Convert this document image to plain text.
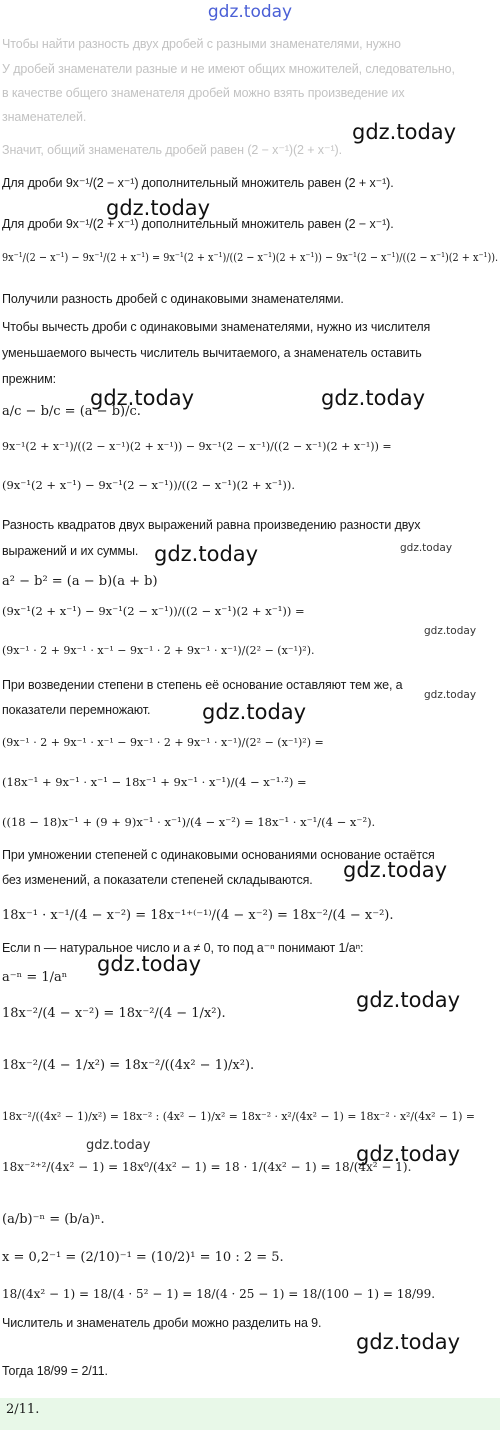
gdz.today
Чтобы найти разность двух дробей с разными знаменателями, нужно
У дробей знаменатели разные и не имеют общих множителей, следовательно,
в качестве общего знаменателя дробей можно взять произведение их
знаменателей.
Значит, общий знаменатель дробей равен (2 − x⁻¹)(2 + x⁻¹).
Для дроби 9x⁻¹/(2 − x⁻¹) дополнительный множитель равен (2 + x⁻¹).
Для дроби 9x⁻¹/(2 + x⁻¹) дополнительный множитель равен (2 − x⁻¹).
9x⁻¹/(2 − x⁻¹) − 9x⁻¹/(2 + x⁻¹) = 9x⁻¹(2 + x⁻¹)/((2 − x⁻¹)(2 + x⁻¹)) − 9x⁻¹(2 − x⁻¹)/((2 − x⁻¹)(2 + x⁻¹)).
Получили разность дробей с одинаковыми знаменателями.
Чтобы вычесть дроби с одинаковыми знаменателями, нужно из числителя
уменьшаемого вычесть числитель вычитаемого, а знаменатель оставить
прежним:
a/c − b/c = (a − b)/c.
9x⁻¹(2 + x⁻¹)/((2 − x⁻¹)(2 + x⁻¹)) − 9x⁻¹(2 − x⁻¹)/((2 − x⁻¹)(2 + x⁻¹)) =
(9x⁻¹(2 + x⁻¹) − 9x⁻¹(2 − x⁻¹))/((2 − x⁻¹)(2 + x⁻¹)).
Разность квадратов двух выражений равна произведению разности двух
выражений и их суммы.
a² − b² = (a − b)(a + b)
(9x⁻¹(2 + x⁻¹) − 9x⁻¹(2 − x⁻¹))/((2 − x⁻¹)(2 + x⁻¹)) =
(9x⁻¹ · 2 + 9x⁻¹ · x⁻¹ − 9x⁻¹ · 2 + 9x⁻¹ · x⁻¹)/(2² − (x⁻¹)²).
При возведении степени в степень её основание оставляют тем же, а
показатели перемножают.
(9x⁻¹ · 2 + 9x⁻¹ · x⁻¹ − 9x⁻¹ · 2 + 9x⁻¹ · x⁻¹)/(2² − (x⁻¹)²) =
(18x⁻¹ + 9x⁻¹ · x⁻¹ − 18x⁻¹ + 9x⁻¹ · x⁻¹)/(4 − x⁻¹ˑ²) =
((18 − 18)x⁻¹ + (9 + 9)x⁻¹ · x⁻¹)/(4 − x⁻²) = 18x⁻¹ · x⁻¹/(4 − x⁻²).
При умножении степеней с одинаковыми основаниями основание остаётся
без изменений, а показатели степеней складываются.
18x⁻¹ · x⁻¹/(4 − x⁻²) = 18x⁻¹⁺⁽⁻¹⁾/(4 − x⁻²) = 18x⁻²/(4 − x⁻²).
Если n — натуральное число и a ≠ 0, то под a⁻ⁿ понимают 1/aⁿ:
a⁻ⁿ = 1/aⁿ
18x⁻²/(4 − x⁻²) = 18x⁻²/(4 − 1/x²).
18x⁻²/(4 − 1/x²) = 18x⁻²/((4x² − 1)/x²).
18x⁻²/((4x² − 1)/x²) = 18x⁻² : (4x² − 1)/x² = 18x⁻² · x²/(4x² − 1) = 18x⁻² · x²/(4x² − 1) =
18x⁻²⁺²/(4x² − 1) = 18x⁰/(4x² − 1) = 18 · 1/(4x² − 1) = 18/(4x² − 1).
(a/b)⁻ⁿ = (b/a)ⁿ.
x = 0,2⁻¹ = (2/10)⁻¹ = (10/2)¹ = 10 : 2 = 5.
18/(4x² − 1) = 18/(4 · 5² − 1) = 18/(4 · 25 − 1) = 18/(100 − 1) = 18/99.
Числитель и знаменатель дроби можно разделить на 9.
Тогда 18/99 = 2/11.
2/11.
gdz.today
gdz.today
gdz.today	gdz.today
gdz.today
gdz.today
gdz.today
gdz.today
gdz.today
gdz.today
gdz.today
gdz.today
gdz.today
gdz.today
gdz.today
